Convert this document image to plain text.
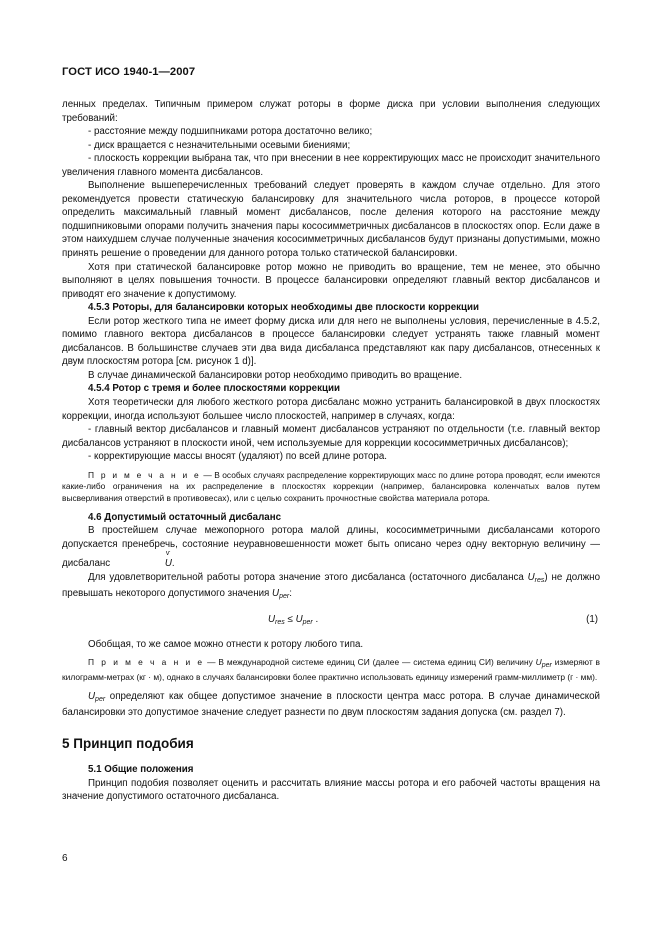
ГОСТ ИСО 1940-1—2007

ленных пределах. Типичным примером служат роторы в форме диска при условии выполнения следующих требований:

- расстояние между подшипниками ротора достаточно велико;

- диск вращается с незначительными осевыми биениями;

- плоскость коррекции выбрана так, что при внесении в нее корректирующих масс не происходит значительного увеличения главного момента дисбалансов.

Выполнение вышеперечисленных требований следует проверять в каждом случае отдельно. Для этого рекомендуется провести статическую балансировку для значительного числа роторов, в процессе которой определить максимальный главный момент дисбалансов, после деления которого на расстояние между подшипниковыми опорами получить значения пары кососимметричных дисбалансов в плоскостях опор. Если даже в этом наихудшем случае полученные значения кососимметричных дисбалансов будут признаны допустимыми, можно принять решение о проведении для данного ротора только статической балансировки.

Хотя при статической балансировке ротор можно не приводить во вращение, тем не менее, это обычно выполняют в целях повышения точности. В процессе балансировки определяют главный вектор дисбалансов и приводят его значение к допустимому.

4.5.3 Роторы, для балансировки которых необходимы две плоскости коррекции

Если ротор жесткого типа не имеет форму диска или для него не выполнены условия, перечисленные в 4.5.2, помимо главного вектора дисбалансов в процессе балансировки следует устранять также главный момент дисбалансов. В большинстве случаев эти два вида дисбаланса представляют как пару дисбалансов, отнесенных к двум плоскостям ротора [см. рисунок 1 d)].

В случае динамической балансировки ротор необходимо приводить во вращение.

4.5.4 Ротор с тремя и более плоскостями коррекции

Хотя теоретически для любого жесткого ротора дисбаланс можно устранить балансировкой в двух плоскостях коррекции, иногда используют большее число плоскостей, например в случаях, когда:

- главный вектор дисбалансов и главный момент дисбалансов устраняют по отдельности (т.е. главный вектор дисбалансов устраняют в плоскости иной, чем используемые для коррекции кососимметричных дисбалансов);

- корректирующие массы вносят (удаляют) по всей длине ротора.

П р и м е ч а н и е — В особых случаях распределение корректирующих масс по длине ротора проводят, если имеются какие-либо ограничения на их распределение в плоскостях коррекции (например, балансировка коленчатых валов путем высверливания отверстий в противовесах), или с целью сохранить прочностные свойства материала ротора.

4.6 Допустимый остаточный дисбаланс

В простейшем случае межопорного ротора малой длины, кососимметричными дисбалансами которого допускается пренебречь, состояние неуравновешенности может быть описано через одну векторную величину — дисбаланс ѵ	U.

Для удовлетворительной работы ротора значение этого дисбаланса (остаточного дисбаланса $U_{res}$) не должно превышать некоторого допустимого значения $U_{per}$:

$U_{res} \le U_{per}$ .	(1)

Обобщая, то же самое можно отнести к ротору любого типа.

П р и м е ч а н и е — В международной системе единиц СИ (далее — система единиц СИ) величину $U_{per}$ измеряют в килограмм-метрах (кг · м), однако в случаях балансировки более практично использовать единицу измерений грамм-миллиметр (г · мм).

$U_{per}$ определяют как общее допустимое значение в плоскости центра масс ротора. В случае динамической балансировки это допустимое значение следует разнести по двум плоскостям задания допуска (см. раздел 7).

5 Принцип подобия

5.1 Общие положения

Принцип подобия позволяет оценить и рассчитать влияние массы ротора и его рабочей частоты вращения на значение допустимого остаточного дисбаланса.

6
